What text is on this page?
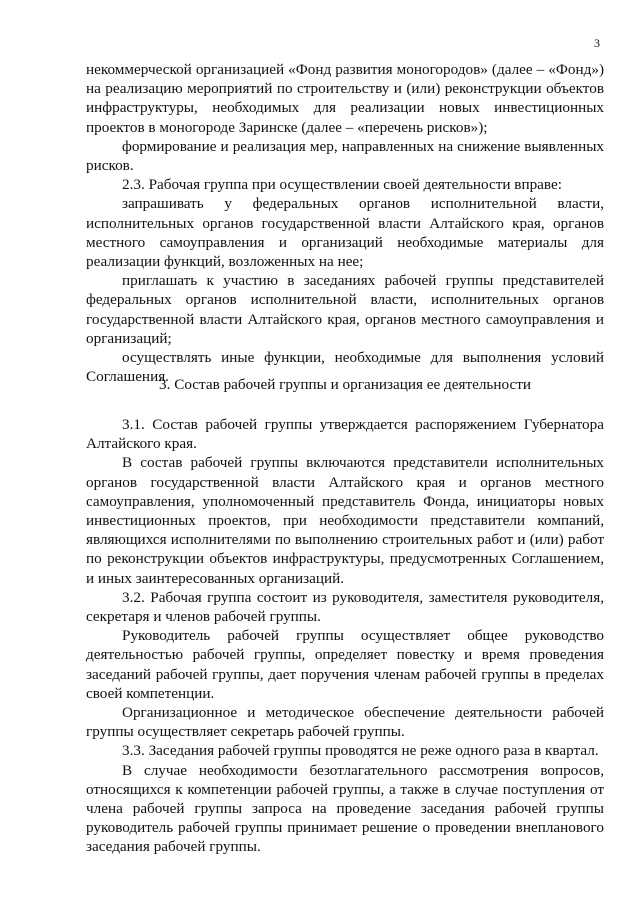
3

некоммерческой организацией «Фонд развития моногородов» (далее – «Фонд») на реализацию мероприятий по строительству и (или) реконструкции объектов инфраструктуры, необходимых для реализации новых инвестиционных проектов в моногороде Заринске (далее – «перечень рисков»);

формирование и реализация мер, направленных на снижение выявленных рисков.

2.3. Рабочая группа при осуществлении своей деятельности вправе:

запрашивать у федеральных органов исполнительной власти, исполнительных органов государственной власти Алтайского края, органов местного самоуправления и организаций необходимые материалы для реализации функций, возложенных на нее;

приглашать к участию в заседаниях рабочей группы представителей федеральных органов исполнительной власти, исполнительных органов государственной власти Алтайского края, органов местного самоуправления и организаций;

осуществлять иные функции, необходимые для выполнения условий Соглашения.

3. Состав рабочей группы и организация ее деятельности

3.1. Состав рабочей группы утверждается распоряжением Губернатора Алтайского края.

В состав рабочей группы включаются представители исполнительных органов государственной власти Алтайского края и органов местного самоуправления, уполномоченный представитель Фонда, инициаторы новых инвестиционных проектов, при необходимости представители компаний, являющихся исполнителями по выполнению строительных работ и (или) работ по реконструкции объектов инфраструктуры, предусмотренных Соглашением, и иных заинтересованных организаций.

3.2. Рабочая группа состоит из руководителя, заместителя руководителя, секретаря и членов рабочей группы.

Руководитель рабочей группы осуществляет общее руководство деятельностью рабочей группы, определяет повестку и время проведения заседаний рабочей группы, дает поручения членам рабочей группы в пределах своей компетенции.

Организационное и методическое обеспечение деятельности рабочей группы осуществляет секретарь рабочей группы.

3.3. Заседания рабочей группы проводятся не реже одного раза в квартал.

В случае необходимости безотлагательного рассмотрения вопросов, относящихся к компетенции рабочей группы, а также в случае поступления от члена рабочей группы запроса на проведение заседания рабочей группы руководитель рабочей группы принимает решение о проведении внепланового заседания рабочей группы.
